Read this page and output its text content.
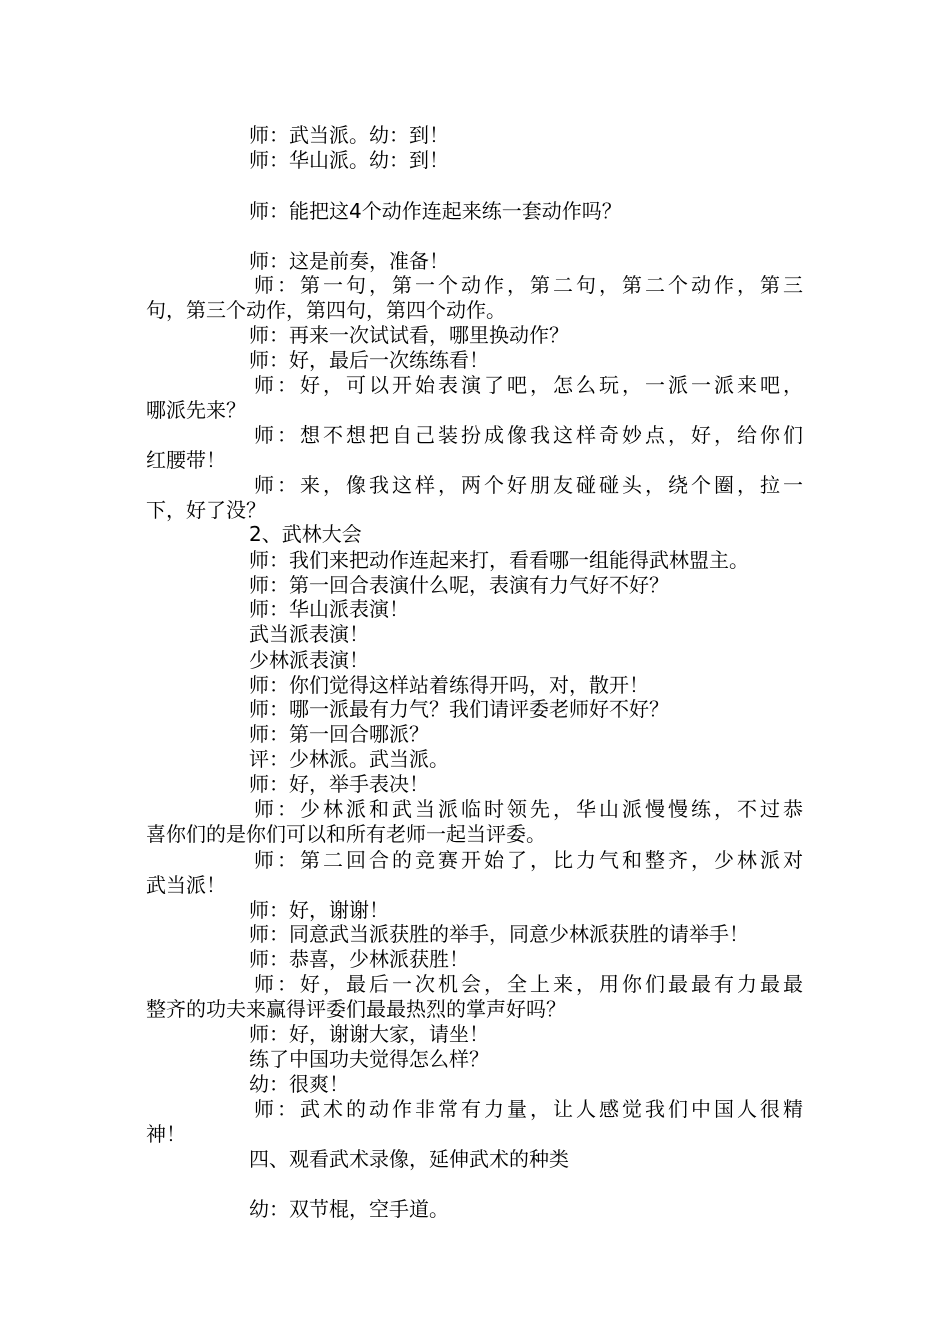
师：武当派。幼：到！
师：华山派。幼：到！
师：能把这4个动作连起来练一套动作吗？
师：这是前奏，准备！
师：第一句，第一个动作，第二句，第二个动作，第三
句，第三个动作，第四句，第四个动作。
师：再来一次试试看，哪里换动作？
师：好，最后一次练练看！
师：好，可以开始表演了吧，怎么玩，一派一派来吧，
哪派先来？
师：想不想把自己装扮成像我这样奇妙点，好，给你们
红腰带！
师：来，像我这样，两个好朋友碰碰头，绕个圈，拉一
下，好了没？
2、武林大会
师：我们来把动作连起来打，看看哪一组能得武林盟主。
师：第一回合表演什么呢，表演有力气好不好？
师：华山派表演！
武当派表演！
少林派表演！
师：你们觉得这样站着练得开吗，对，散开！
师：哪一派最有力气？我们请评委老师好不好？
师：第一回合哪派？
评：少林派。武当派。
师：好，举手表决！
师：少林派和武当派临时领先，华山派慢慢练，不过恭
喜你们的是你们可以和所有老师一起当评委。
师：第二回合的竞赛开始了，比力气和整齐，少林派对
武当派！
师：好，谢谢！
师：同意武当派获胜的举手，同意少林派获胜的请举手！
师：恭喜，少林派获胜！
师：好，最后一次机会，全上来，用你们最最有力最最
整齐的功夫来赢得评委们最最热烈的掌声好吗？
师：好，谢谢大家，请坐！
练了中国功夫觉得怎么样？
幼：很爽！
师：武术的动作非常有力量，让人感觉我们中国人很精
神！
四、观看武术录像，延伸武术的种类
幼：双节棍，空手道。
